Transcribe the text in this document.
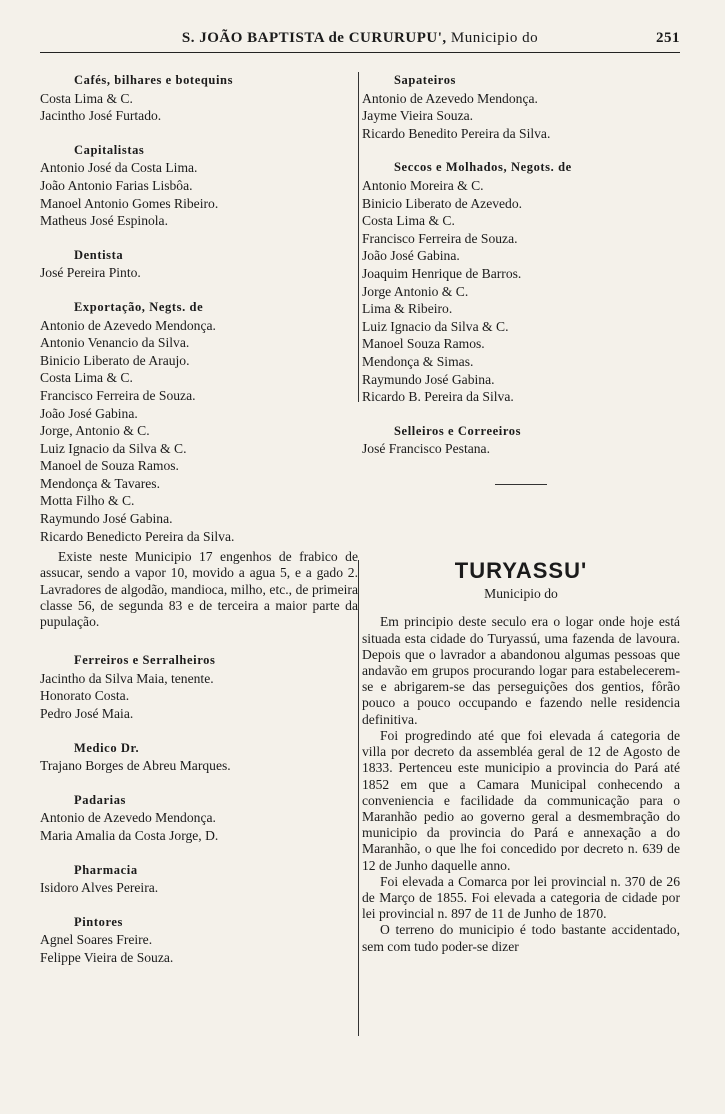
S. JOÃO BAPTISTA de CURURUPU', Municipio do	251
Cafés, bilhares e botequins
Costa Lima & C.
Jacintho José Furtado.
Capitalistas
Antonio José da Costa Lima.
João Antonio Farias Lisbôa.
Manoel Antonio Gomes Ribeiro.
Matheus José Espinola.
Dentista
José Pereira Pinto.
Exportação, Negts. de
Antonio de Azevedo Mendonça.
Antonio Venancio da Silva.
Binicio Liberato de Araujo.
Costa Lima & C.
Francisco Ferreira de Souza.
João José Gabina.
Jorge, Antonio & C.
Luiz Ignacio da Silva & C.
Manoel de Souza Ramos.
Mendonça & Tavares.
Motta Filho & C.
Raymundo José Gabina.
Ricardo Benedicto Pereira da Silva.

Existe neste Municipio 17 engenhos de frabico de assucar, sendo a vapor 10, movido a agua 5, e a gado 2. Lavradores de algodão, mandioca, milho, etc., de primeira classe 56, de segunda 83 e de terceira a maior parte da pupulação.

Ferreiros e Serralheiros
Jacintho da Silva Maia, tenente.
Honorato Costa.
Pedro José Maia.
Medico Dr.
Trajano Borges de Abreu Marques.
Padarias
Antonio de Azevedo Mendonça.
Maria Amalia da Costa Jorge, D.
Pharmacia
Isidoro Alves Pereira.
Pintores
Agnel Soares Freire.
Felippe Vieira de Souza.
Sapateiros
Antonio de Azevedo Mendonça.
Jayme Vieira Souza.
Ricardo Benedito Pereira da Silva.
Seccos e Molhados, Negots. de
Antonio Moreira & C.
Binicio Liberato de Azevedo.
Costa Lima & C.
Francisco Ferreira de Souza.
João José Gabina.
Joaquim Henrique de Barros.
Jorge Antonio & C.
Lima & Ribeiro.
Luiz Ignacio da Silva & C.
Manoel Souza Ramos.
Mendonça & Simas.
Raymundo José Gabina.
Ricardo B. Pereira da Silva.
Selleiros e Correeiros
José Francisco Pestana.
TURYASSU'
Municipio do

Em principio deste seculo era o logar onde hoje está situada esta cidade do Turyassú, uma fazenda de lavoura. Depois que o lavrador a abandonou algumas pessoas que andavão em grupos procurando logar para estabelecerem-se e abrigarem-se das perseguições dos gentios, fôrão pouco a pouco occupando e fazendo nelle residencia definitiva.

Foi progredindo até que foi elevada á categoria de villa por decreto da assembléa geral de 12 de Agosto de 1833. Pertenceu este municipio a provincia do Pará até 1852 em que a Camara Municipal conhecendo a conveniencia e facilidade da communicação para o Maranhão pedio ao governo geral a desmembração do municipio da provincia do Pará e annexação a do Maranhão, o que lhe foi concedido por decreto n. 639 de 12 de Junho daquelle anno.

Foi elevada a Comarca por lei provincial n. 370 de 26 de Março de 1855. Foi elevada a categoria de cidade por lei provincial n. 897 de 11 de Junho de 1870.

O terreno do municipio é todo bastante accidentado, sem com tudo poder-se dizer
